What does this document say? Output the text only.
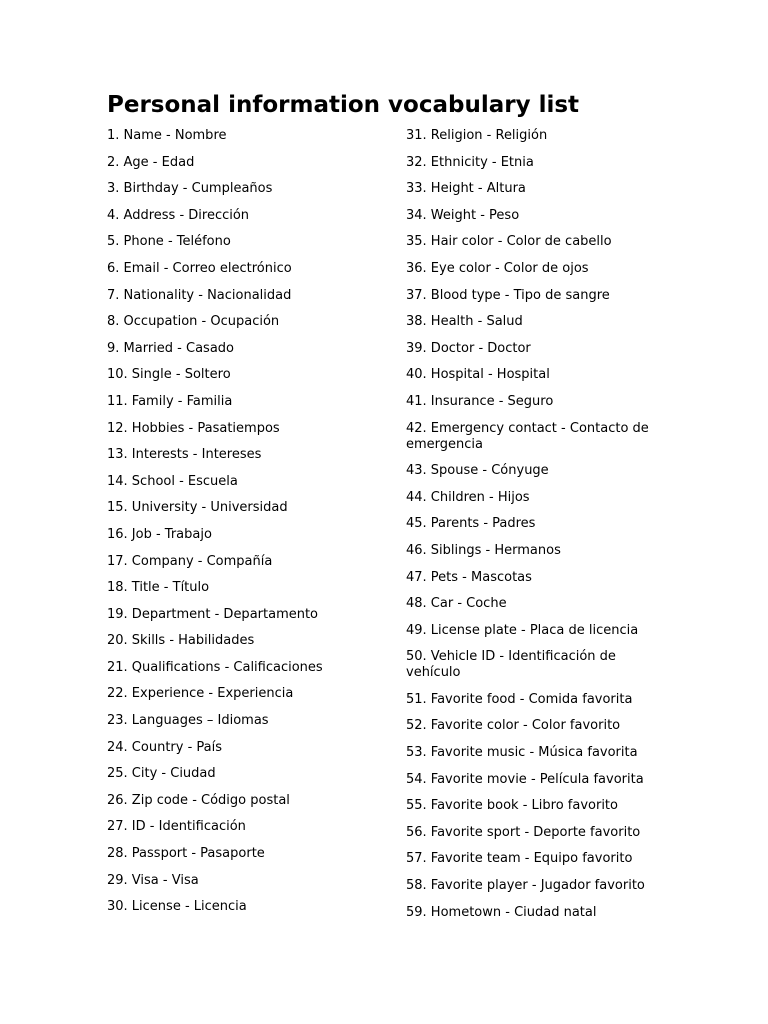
Personal information vocabulary list
1. Name - Nombre
2. Age - Edad
3. Birthday - Cumpleaños
4. Address - Dirección
5. Phone - Teléfono
6. Email - Correo electrónico
7. Nationality - Nacionalidad
8. Occupation - Ocupación
9. Married - Casado
10. Single - Soltero
11. Family - Familia
12. Hobbies - Pasatiempos
13. Interests - Intereses
14. School - Escuela
15. University - Universidad
16. Job - Trabajo
17. Company - Compañía
18. Title - Título
19. Department - Departamento
20. Skills - Habilidades
21. Qualifications - Calificaciones
22. Experience - Experiencia
23. Languages – Idiomas
24. Country - País
25. City - Ciudad
26. Zip code - Código postal
27. ID - Identificación
28. Passport - Pasaporte
29. Visa - Visa
30. License - Licencia
31. Religion - Religión
32. Ethnicity - Etnia
33. Height - Altura
34. Weight - Peso
35. Hair color - Color de cabello
36. Eye color - Color de ojos
37. Blood type - Tipo de sangre
38. Health - Salud
39. Doctor - Doctor
40. Hospital - Hospital
41. Insurance - Seguro
42. Emergency contact - Contacto de emergencia
43. Spouse - Cónyuge
44. Children - Hijos
45. Parents - Padres
46. Siblings - Hermanos
47. Pets - Mascotas
48. Car - Coche
49. License plate - Placa de licencia
50. Vehicle ID - Identificación de vehículo
51. Favorite food - Comida favorita
52. Favorite color - Color favorito
53. Favorite music - Música favorita
54. Favorite movie - Película favorita
55. Favorite book - Libro favorito
56. Favorite sport - Deporte favorito
57. Favorite team - Equipo favorito
58. Favorite player - Jugador favorito
59. Hometown - Ciudad natal
